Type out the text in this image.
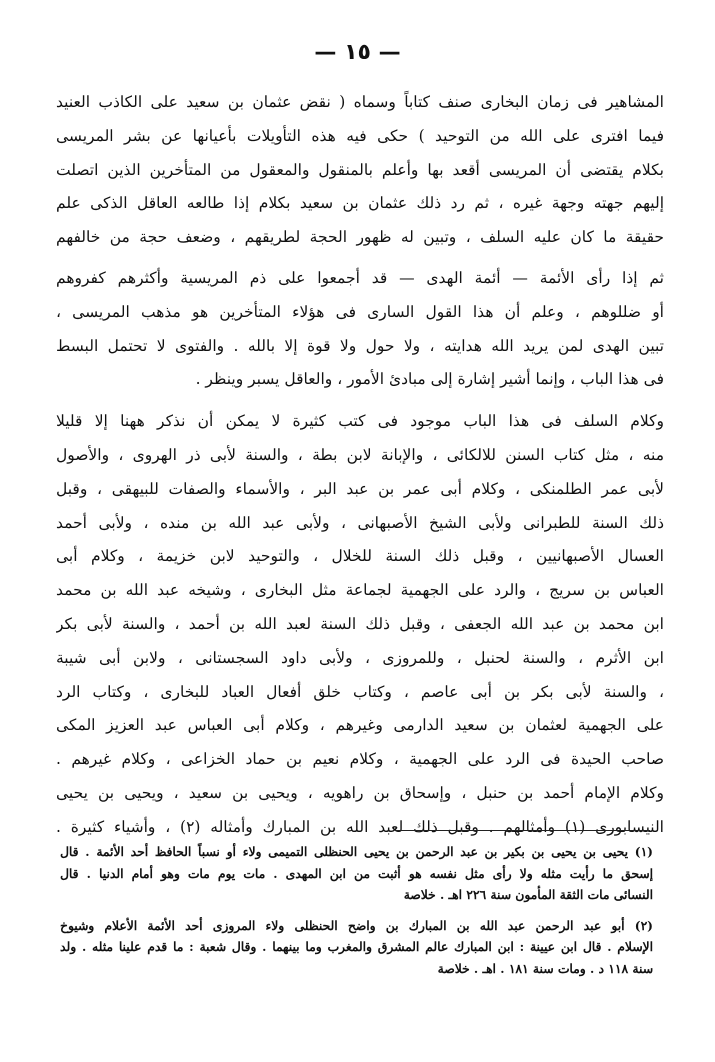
— ١٥ —

المشاهير فى زمان البخارى صنف كتاباً وسماه ( نقض عثمان بن سعيد على الكاذب العنيد
فيما افترى على الله من التوحيد ) حكى فيه هذه التأويلات بأعيانها عن بشر المريسى
بكلام يقتضى أن المريسى أقعد بها وأعلم بالمنقول والمعقول من المتأخرين الذين اتصلت
إليهم جهته وجهة غيره ، ثم رد ذلك عثمان بن سعيد بكلام إذا طالعه العاقل الذكى علم
حقيقة ما كان عليه السلف ، وتبين له ظهور الحجة لطريقهم ، وضعف حجة من خالفهم

ثم إذا رأى الأئمة — أئمة الهدى — قد أجمعوا على ذم المريسية وأكثرهم كفروهم
أو ضللوهم ، وعلم أن هذا القول السارى فى هؤلاء المتأخرين هو مذهب المريسى ،
تبين الهدى لمن يريد الله هدايته ، ولا حول ولا قوة إلا بالله . والفتوى لا تحتمل البسط
فى هذا الباب ، وإنما أشير إشارة إلى مبادئ الأمور ، والعاقل يسبر وينظر .

وكلام السلف فى هذا الباب موجود فى كتب كثيرة لا يمكن أن نذكر ههنا إلا قليلا
منه ، مثل كتاب السنن للالكائى ، والإبانة لابن بطة ، والسنة لأبى ذر الهروى ، والأصول
لأبى عمر الطلمنكى ، وكلام أبى عمر بن عبد البر ، والأسماء والصفات للبيهقى ، وقبل
ذلك السنة للطبرانى ولأبى الشيخ الأصبهانى ، ولأبى عبد الله بن منده ، ولأبى أحمد
العسال الأصبهانيين ، وقبل ذلك السنة للخلال ، والتوحيد لابن خزيمة ، وكلام أبى
العباس بن سريج ، والرد على الجهمية لجماعة مثل البخارى ، وشيخه عبد الله بن محمد
ابن محمد بن عبد الله الجعفى ، وقبل ذلك السنة لعبد الله بن أحمد ، والسنة لأبى بكر
ابن الأثرم ، والسنة لحنبل ، وللمروزى ، ولأبى داود السجستانى ، ولابن أبى شيبة
، والسنة لأبى بكر بن أبى عاصم ، وكتاب خلق أفعال العباد للبخارى ، وكتاب الرد
على الجهمية لعثمان بن سعيد الدارمى وغيرهم ، وكلام أبى العباس عبد العزيز المكى
صاحب الحيدة فى الرد على الجهمية ، وكلام نعيم بن حماد الخزاعى ، وكلام غيرهم .
وكلام الإمام أحمد بن حنبل ، وإسحاق بن راهويه ، ويحيى بن سعيد ، ويحيى بن يحيى
النيسابورى (١) وأمثالهم . وقبل ذلك لعبد الله بن المبارك وأمثاله (٢) ، وأشياء كثيرة .

(١) يحيى بن يحيى بن بكير بن عبد الرحمن بن يحيى الحنظلى التميمى ولاء أو نسباً الحافظ أحد الأئمة . قال
إسحق ما رأيت مثله ولا رأى مثل نفسه هو أثبت من ابن المهدى . مات يوم مات وهو أمام الدنيا . قال
النسائى مات الثقة المأمون سنة ٢٢٦ اهـ . خلاصة
(٢) أبو عبد الرحمن عبد الله بن المبارك بن واضح الحنظلى ولاء المروزى أحد الأئمة الأعلام وشيوخ
الإسلام . قال ابن عيينة : ابن المبارك عالم المشرق والمغرب وما بينهما . وقال شعبة : ما قدم علينا مثله . ولد
سنة ١١٨ د . ومات سنة ١٨١ . اهـ . خلاصة
